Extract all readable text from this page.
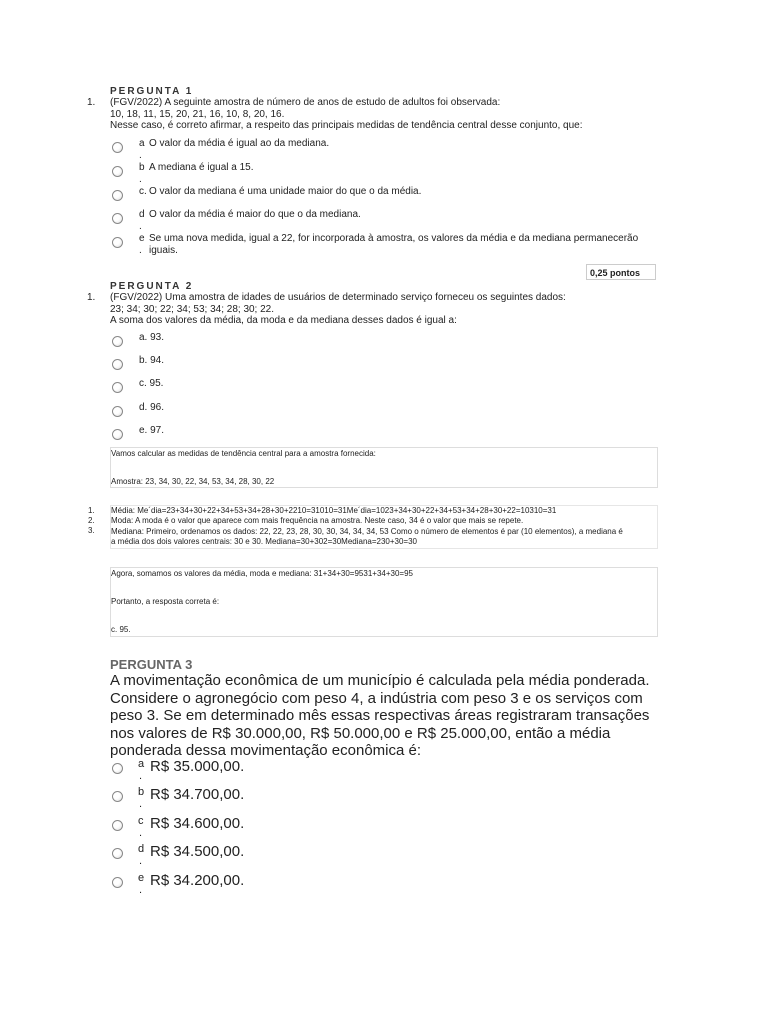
PERGUNTA 1
1. (FGV/2022) A seguinte amostra de número de anos de estudo de adultos foi observada:
10, 18, 11, 15, 20, 21, 16, 10, 8, 20, 16.
Nesse caso, é correto afirmar, a respeito das principais medidas de tendência central desse conjunto, que:
a
.
O valor da média é igual ao da mediana.
b
.
A mediana é igual a 15.
c. O valor da mediana é uma unidade maior do que o da média.
d
.
O valor da média é maior do que o da mediana.
e
.
Se uma nova medida, igual a 22, for incorporada à amostra, os valores da média e da mediana permanecerão iguais.
0,25 pontos
PERGUNTA 2
1. (FGV/2022) Uma amostra de idades de usuários de determinado serviço forneceu os seguintes dados:
23; 34; 30; 22; 34; 53; 34; 28; 30; 22.
A soma dos valores da média, da moda e da mediana desses dados é igual a:
a. 93.
b. 94.
c. 95.
d. 96.
e. 97.

Vamos calcular as medidas de tendência central para a amostra fornecida:

Amostra: 23, 34, 30, 22, 34, 53, 34, 28, 30, 22

1. Média: Me´dia=23+34+30+22+34+53+34+28+30+2210=31010=31Me´dia=1023+34+30+22+34+53+34+28+30+22=10310=31
2. Moda: A moda é o valor que aparece com mais frequência na amostra. Neste caso, 34 é o valor que mais se repete.
3. Mediana: Primeiro, ordenamos os dados: 22, 22, 23, 28, 30, 30, 34, 34, 34, 53 Como o número de elementos é par (10 elementos), a mediana é
a média dos dois valores centrais: 30 e 30. Mediana=30+302=30Mediana=230+30=30

Agora, somamos os valores da média, moda e mediana: 31+34+30=9531+34+30=95

Portanto, a resposta correta é:

c. 95.

PERGUNTA 3
A movimentação econômica de um município é calculada pela média ponderada. Considere o agronegócio com peso 4, a indústria com peso 3 e os serviços com peso 3. Se em determinado mês essas respectivas áreas registraram transações nos valores de R$ 30.000,00, R$ 50.000,00 e R$ 25.000,00, então a média ponderada dessa movimentação econômica é:
a
.
R$ 35.000,00.
b
.
R$ 34.700,00.
c
.
R$ 34.600,00.
d
.
R$ 34.500,00.
e
.
R$ 34.200,00.
